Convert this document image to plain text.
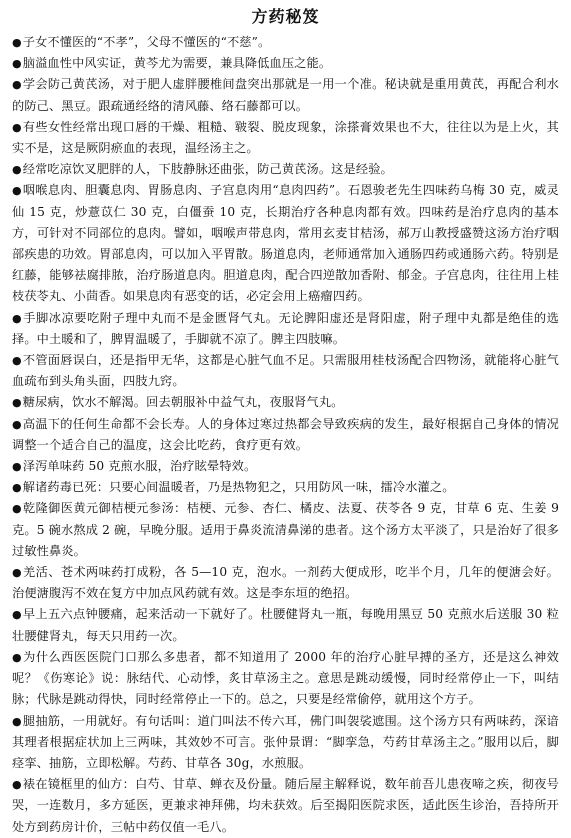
方药秘笈
●子女不懂医的“不孝”，父母不懂医的“不慈”。
●脑溢血性中风实证，黄芩尤为需要，兼具降低血压之能。
●学会防己黄芪汤，对于肥人虚胖腰椎间盘突出那就是一用一个准。秘诀就是重用黄芪，再配合利水的防己、黑豆。跟疏通经络的清风藤、络石藤都可以。
●有些女性经常出现口唇的干燥、粗糙、皲裂、脱皮现象，涂搽膏效果也不大，往往以为是上火，其实不是，这是厥阴瘀血的表现，温经汤主之。
●经常吃凉饮叉肥胖的人，下肢静脉还曲张，防己黄芪汤。这是经验。
●咽喉息肉、胆囊息肉、胃肠息肉、子宫息肉用“息肉四药”。石恩骏老先生四味药乌梅 30 克，威灵仙 15 克，炒薏苡仁 30 克，白僵蚕 10 克，长期治疗各种息肉都有效。四味药是治疗息肉的基本方，可针对不同部位的息肉。譬如，咽喉声带息肉，常用玄麦甘桔汤，郝万山教授盛赞这汤方治疗咽部疾患的功效。胃部息肉，可以加入平胃散。肠道息肉，老师通常加入通肠四药或通肠六药。特别是红藤，能够祛腐排脓，治疗肠道息肉。胆道息肉，配合四逆散加香附、郁金。子宫息肉，往往用上桂枝茯苓丸、小茴香。如果息肉有恶变的话，必定会用上癌瘤四药。
●手脚冰凉要吃附子理中丸而不是金匮肾气丸。无论脾阳虚还是肾阳虚，附子理中丸都是绝佳的选择。中土暖和了，脾胃温暖了，手脚就不凉了。脾主四肢嘛。
●不管面唇误白，还是指甲无华，这都是心脏气血不足。只需服用桂枝汤配合四物汤，就能将心脏气血疏布到头角头面，四肢九窍。
●糖尿病，饮水不解渴。回去朝服补中益气丸，夜服肾气丸。
●高温下的任何生命都不会长寿。人的身体过寒过热都会导致疾病的发生，最好根据自己身体的情况调整一个适合自己的温度，这会比吃药，食疗更有效。
●泽泻单味药 50 克煎水服，治疗眩晕特效。
●解诸药毒已死：只要心间温暖者，乃是热物犯之，只用防风一味，擂冷水灌之。
●乾隆御医黄元御桔梗元参汤：桔梗、元参、杏仁、橘皮、法夏、茯苓各 9 克，甘草 6 克、生姜 9 克。5 碗水熬成 2 碗，早晚分服。适用于鼻炎流清鼻涕的患者。这个汤方太平淡了，只是治好了很多过敏性鼻炎。
●羌活、苍术两味药打成粉，各 5—10 克，泡水。一剂药大便成形，吃半个月，几年的便溏会好。治便溏腹泻不效在复方中加点风药就有效。这是李东垣的绝招。
●早上五六点钟腰痛，起来活动一下就好了。杜腰健肾丸一瓶，每晚用黑豆 50 克煎水后送服 30 粒壮腰健肾丸，每天只用药一次。
●为什么西医医院门口那么多患者，都不知道用了 2000 年的治疗心脏早搏的圣方，还是这么神效呢？《伤寒论》说：脉结代、心动悸，炙甘草汤主之。意思是跳动缓慢，同时经常停止一下，叫结脉；代脉是跳动得快，同时经常停止一下的。总之，只要是经常偷停，就用这个方子。
●腿抽筋，一用就好。有句话叫：道门叫法不传六耳，佛门叫袈裟遮围。这个汤方只有两味药，深谙其理者根据症状加上三两味，其效妙不可言。张仲景谓：“脚挛急，芍药甘草汤主之。”服用以后，脚痉挛、抽筋，立即松解。芍药、甘草各 30g，水煎服。
●裱在镜框里的仙方：白芍、甘草、蝉衣及份量。随后屋主解释说，数年前吾儿患夜啼之疾，彻夜号哭，一连数月，多方延医，更兼求神拜佛，均未获效。后至揭阳医院求医，适此医生诊治，吾持所开处方到药房计价，三帖中药仅值一毛八。
